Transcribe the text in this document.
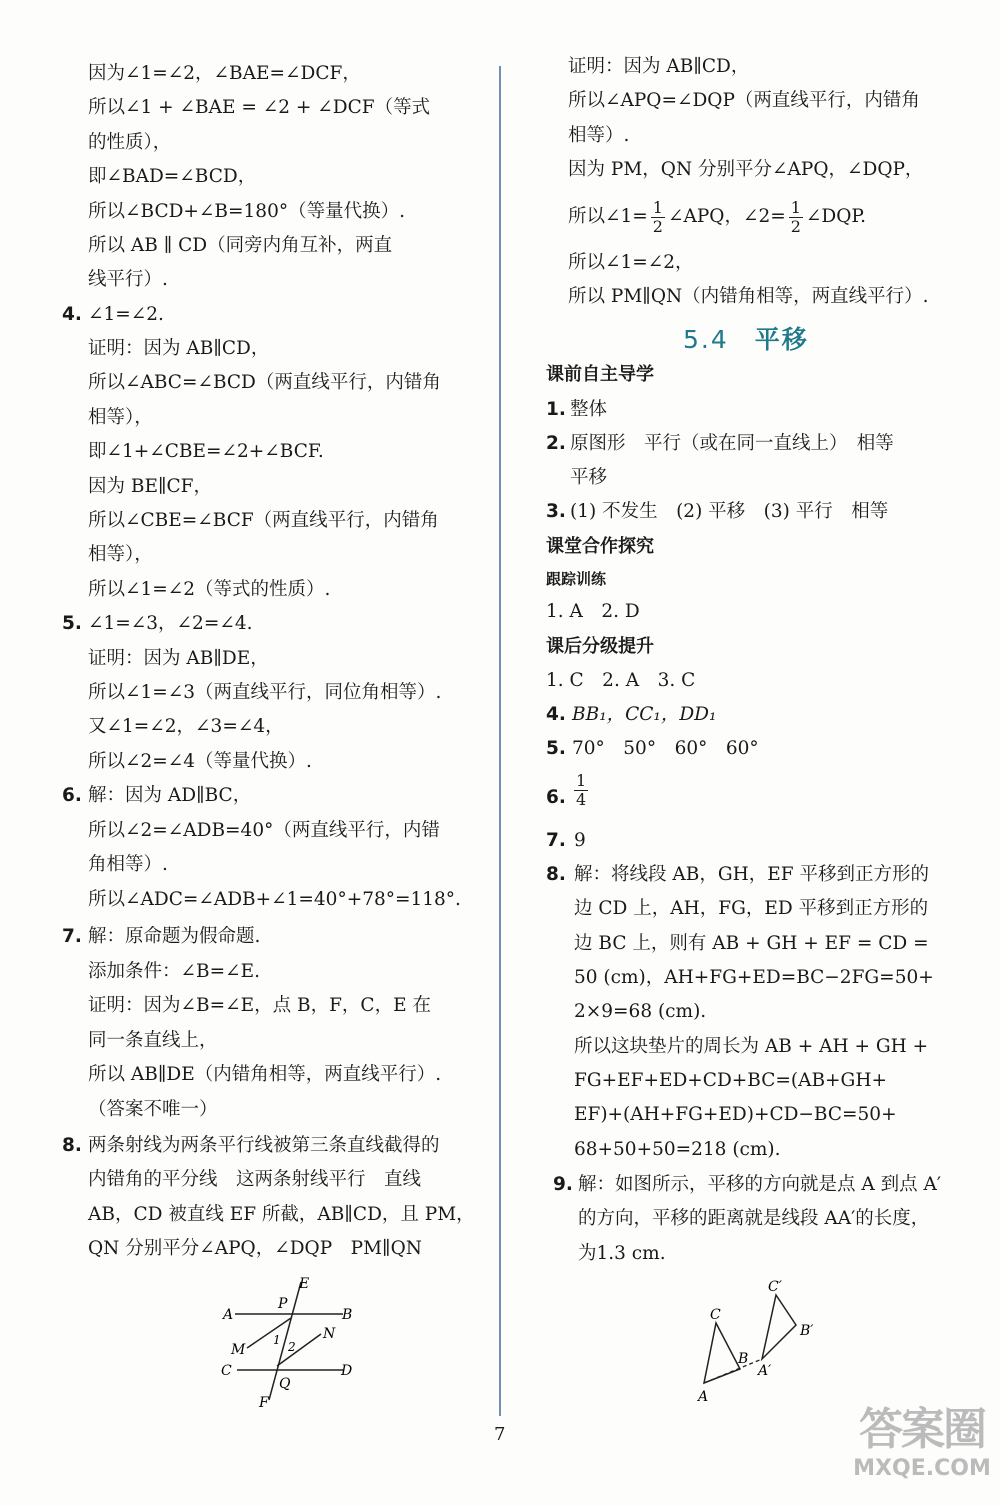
因为∠1=∠2，∠BAE=∠DCF，
所以∠1 + ∠BAE = ∠2 + ∠DCF（等式
的性质），
即∠BAD=∠BCD，
所以∠BCD+∠B=180°（等量代换）.
所以 AB ∥ CD（同旁内角互补，两直
线平行）.
4. ∠1=∠2.
证明：因为 AB∥CD，
所以∠ABC=∠BCD（两直线平行，内错角
相等），
即∠1+∠CBE=∠2+∠BCF.
因为 BE∥CF，
所以∠CBE=∠BCF（两直线平行，内错角
相等），
所以∠1=∠2（等式的性质）.
5. ∠1=∠3，∠2=∠4.
证明：因为 AB∥DE，
所以∠1=∠3（两直线平行，同位角相等）.
又∠1=∠2，∠3=∠4，
所以∠2=∠4（等量代换）.
6. 解：因为 AD∥BC，
所以∠2=∠ADB=40°（两直线平行，内错
角相等）.
所以∠ADC=∠ADB+∠1=40°+78°=118°.
7. 解：原命题为假命题.
添加条件：∠B=∠E.
证明：因为∠B=∠E，点 B，F，C，E 在
同一条直线上，
所以 AB∥DE（内错角相等，两直线平行）.
（答案不唯一）
8. 两条射线为两条平行线被第三条直线截得的
内错角的平分线　这两条射线平行　直线
AB，CD 被直线 EF 所截，AB∥CD，且 PM，
QN 分别平分∠APQ，∠DQP　PM∥QN
E
A	B
P
N
M
1 2
C	D
Q
F
证明：因为 AB∥CD，
所以∠APQ=∠DQP（两直线平行，内错角
相等）.
因为 PM，QN 分别平分∠APQ，∠DQP，
所以∠1= $\frac{1}{2}$ ∠APQ，∠2= $\frac{1}{2}$ ∠DQP.
所以∠1=∠2，
所以 PM∥QN（内错角相等，两直线平行）.
5.4 平移
课前自主导学
1. 整体
2. 原图形　平行（或在同一直线上）　相等
平移
3. (1) 不发生　(2) 平移　(3) 平行　相等
课堂合作探究
跟踪训练
1. A　2. D
课后分级提升
1. C　2. A　3. C
4. BB₁，CC₁，DD₁
5. 70°　50°　60°　60°
6. $\frac{1}{4}$
7. 9
8. 解：将线段 AB，GH，EF 平移到正方形的
边 CD 上，AH，FG，ED 平移到正方形的
边 BC 上，则有 AB + GH + EF = CD =
50 (cm)，AH+FG+ED=BC−2FG=50+
2×9=68 (cm).
所以这块垫片的周长为 AB + AH + GH +
FG+EF+ED+CD+BC=(AB+GH+
EF)+(AH+FG+ED)+CD−BC=50+
68+50+50=218 (cm).
9. 解：如图所示，平移的方向就是点 A 到点 A′
的方向，平移的距离就是线段 AA′的长度，
为1.3 cm.
C
B
A
C′
B′
A′
7	答案圈
MXQE.COM
